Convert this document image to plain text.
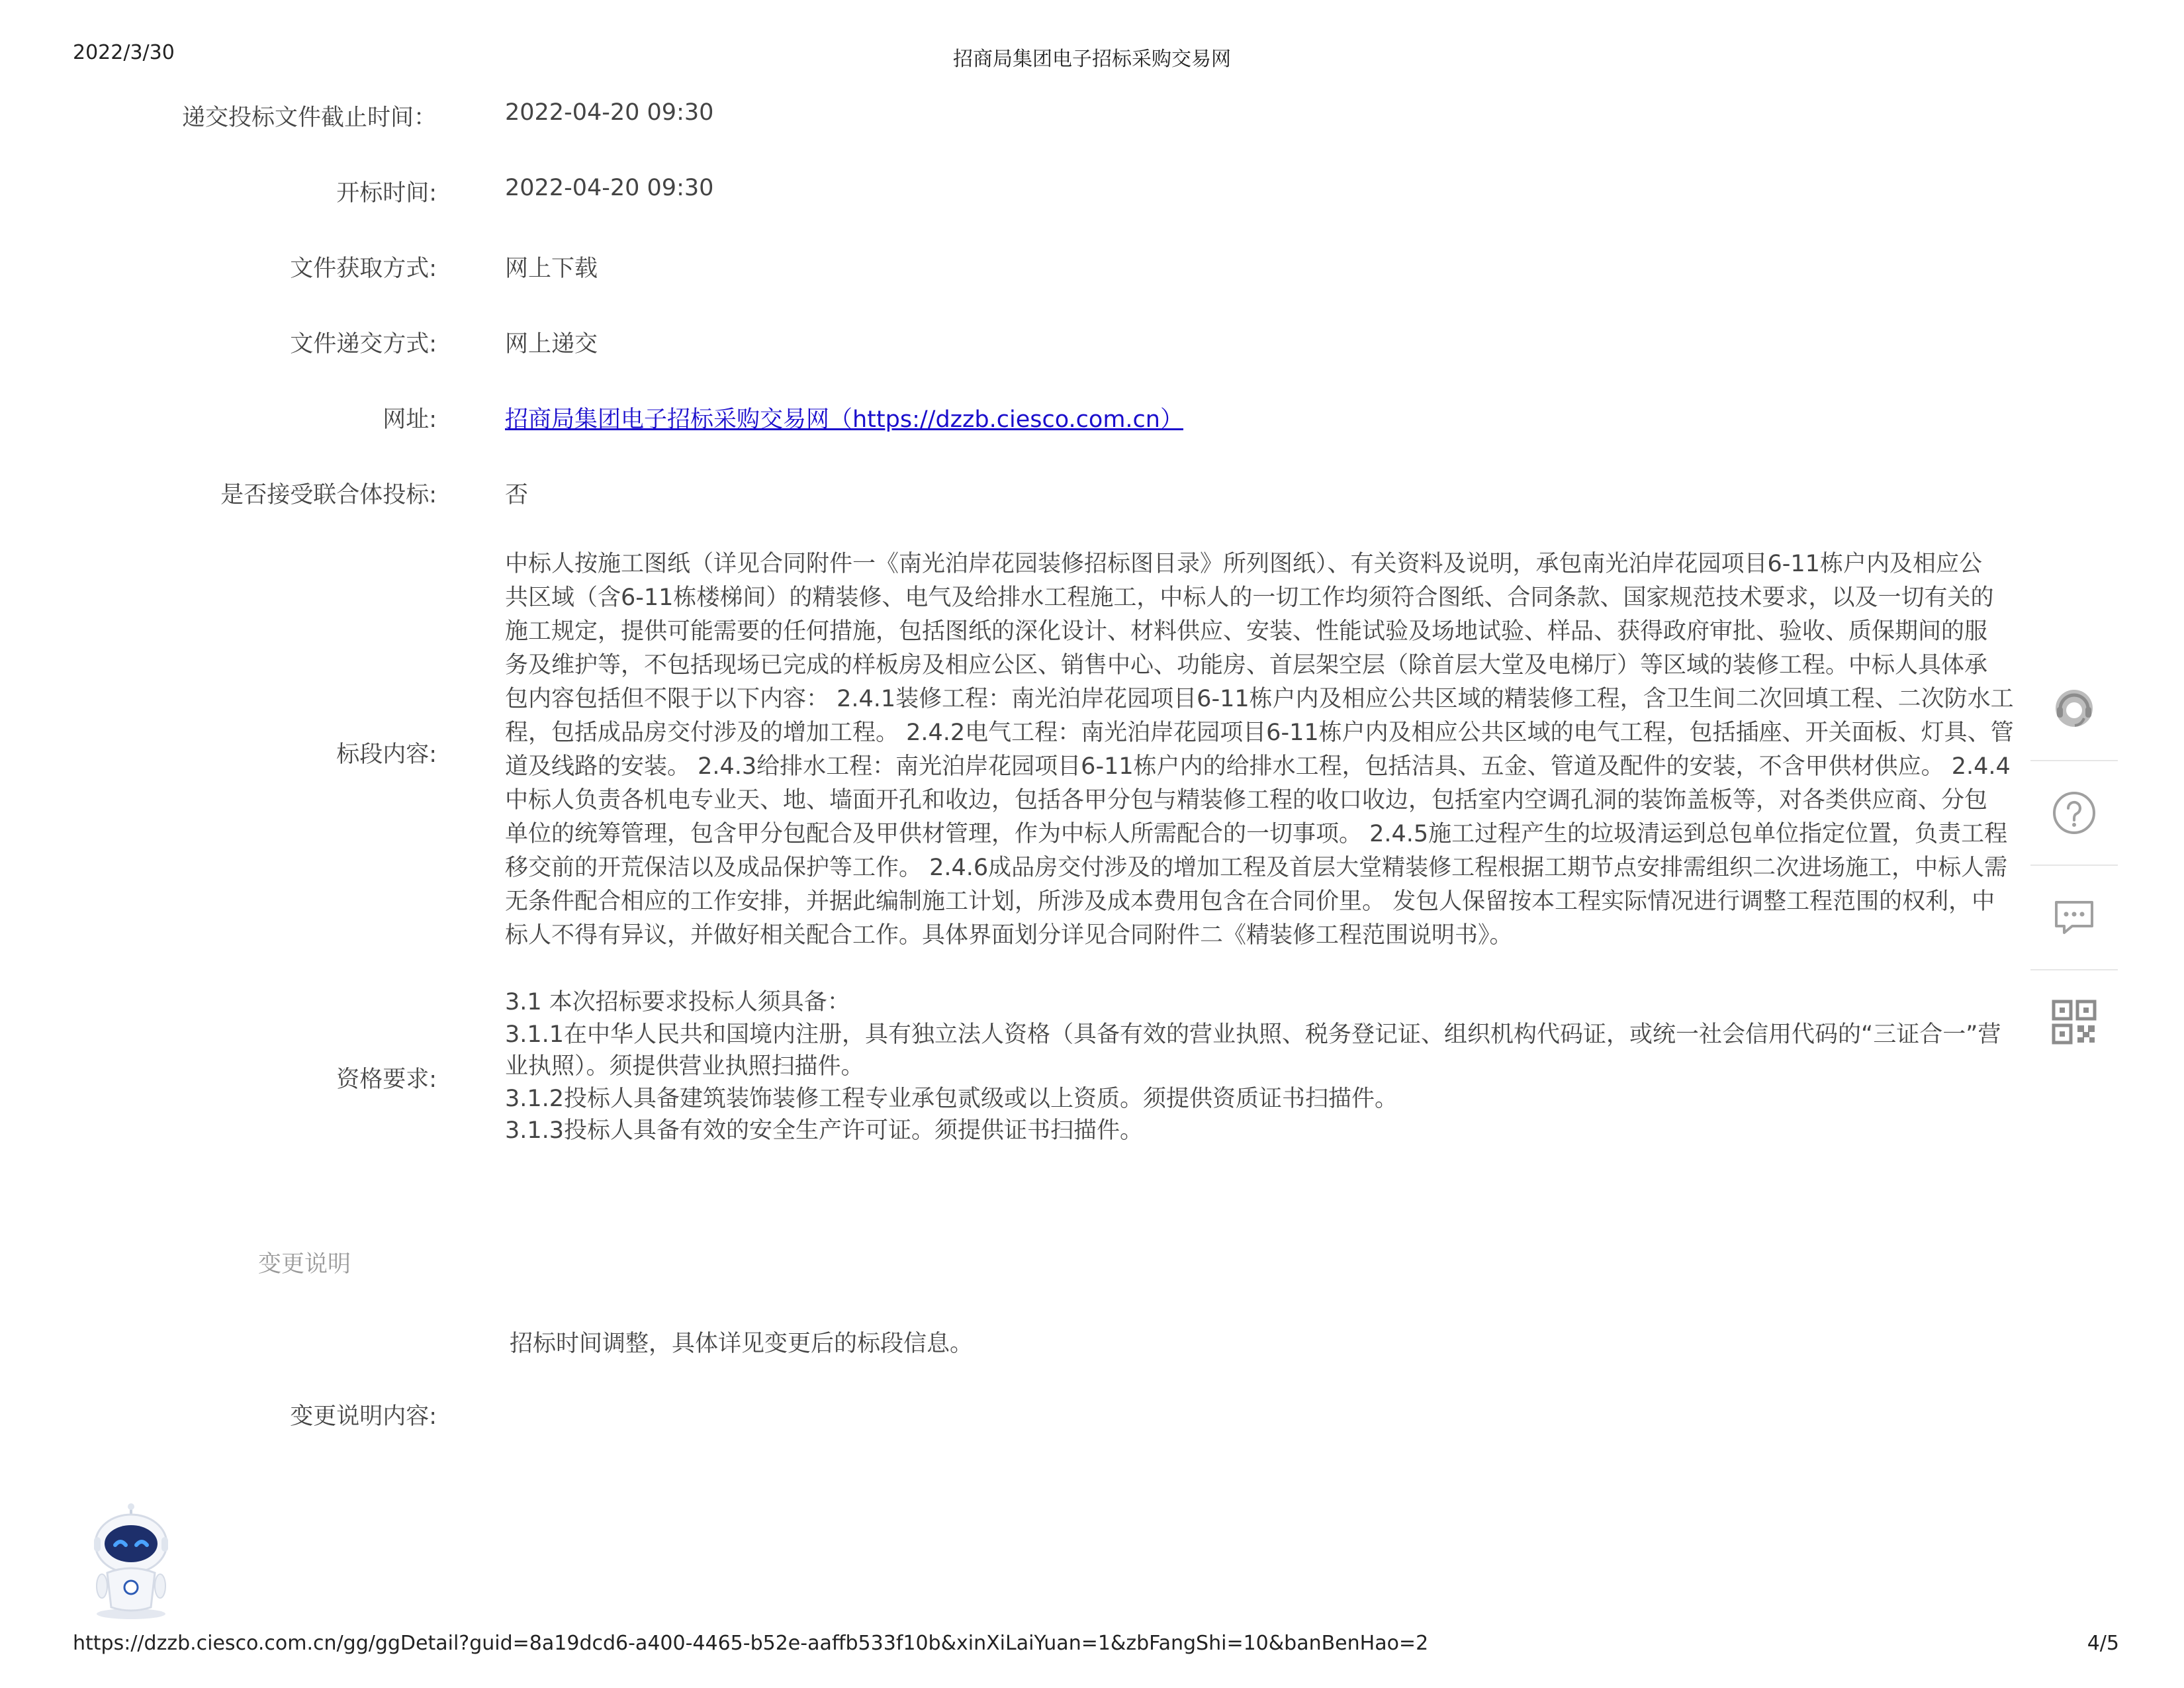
2022/3/30	招商局集团电子招标采购交易网
递交投标文件截止时间：	2022-04-20 09:30
开标时间:	2022-04-20 09:30
文件获取方式:	网上下载
文件递交方式:	网上递交
网址:	招商局集团电子招标采购交易网（https://dzzb.ciesco.com.cn）
是否接受联合体投标:	否
标段内容:
中标人按施工图纸（详见合同附件一《南光泊岸花园装修招标图目录》所列图纸）、有关资料及说明，承包南光泊岸花园项目6-11栋户内及相应公
共区域（含6-11栋楼梯间）的精装修、电气及给排水工程施工，中标人的一切工作均须符合图纸、合同条款、国家规范技术要求，以及一切有关的
施工规定，提供可能需要的任何措施，包括图纸的深化设计、材料供应、安装、性能试验及场地试验、样品、获得政府审批、验收、质保期间的服
务及维护等，不包括现场已完成的样板房及相应公区、销售中心、功能房、首层架空层（除首层大堂及电梯厅）等区域的装修工程。中标人具体承
包内容包括但不限于以下内容： 2.4.1装修工程：南光泊岸花园项目6-11栋户内及相应公共区域的精装修工程，含卫生间二次回填工程、二次防水工
程，包括成品房交付涉及的增加工程。 2.4.2电气工程：南光泊岸花园项目6-11栋户内及相应公共区域的电气工程，包括插座、开关面板、灯具、管
道及线路的安装。 2.4.3给排水工程：南光泊岸花园项目6-11栋户内的给排水工程，包括洁具、五金、管道及配件的安装，不含甲供材供应。 2.4.4
中标人负责各机电专业天、地、墙面开孔和收边，包括各甲分包与精装修工程的收口收边，包括室内空调孔洞的装饰盖板等，对各类供应商、分包
单位的统筹管理，包含甲分包配合及甲供材管理，作为中标人所需配合的一切事项。 2.4.5施工过程产生的垃圾清运到总包单位指定位置，负责工程
移交前的开荒保洁以及成品保护等工作。 2.4.6成品房交付涉及的增加工程及首层大堂精装修工程根据工期节点安排需组织二次进场施工，中标人需
无条件配合相应的工作安排，并据此编制施工计划，所涉及成本费用包含在合同价里。 发包人保留按本工程实际情况进行调整工程范围的权利，中
标人不得有异议，并做好相关配合工作。具体界面划分详见合同附件二《精装修工程范围说明书》。
资格要求:
3.1 本次招标要求投标人须具备：
3.1.1在中华人民共和国境内注册，具有独立法人资格（具备有效的营业执照、税务登记证、组织机构代码证，或统一社会信用代码的“三证合一”营业执照）。须提供营业执照扫描件。
3.1.2投标人具备建筑装饰装修工程专业承包贰级或以上资质。须提供资质证书扫描件。
3.1.3投标人具备有效的安全生产许可证。须提供证书扫描件。
变更说明
招标时间调整，具体详见变更后的标段信息。
变更说明内容:
https://dzzb.ciesco.com.cn/gg/ggDetail?guid=8a19dcd6-a400-4465-b52e-aaffb533f10b&xinXiLaiYuan=1&zbFangShi=10&banBenHao=2	4/5
